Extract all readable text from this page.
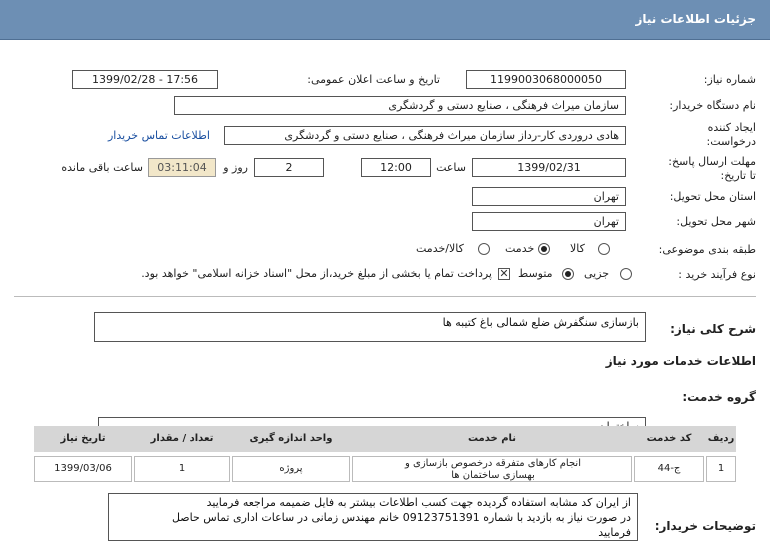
جزئیات اطلاعات نیاز
شماره نیاز:
1199003068000050
تاریخ و ساعت اعلان عمومی:
1399/02/28 - 17:56
نام دستگاه خریدار:
سازمان میراث فرهنگی ، صنایع دستی و گردشگری
ایجاد کننده
درخواست:
هادی دروردی کار-رداز سازمان میراث فرهنگی ، صنایع دستی و گردشگری
اطلاعات تماس خریدار
مهلت ارسال پاسخ:
تا تاریخ:
1399/02/31
ساعت
12:00
2
روز و
03:11:04
ساعت باقی مانده
استان محل تحویل:
تهران
شهر محل تحویل:
تهران
طبقه بندی موضوعی:
کالا
خدمت
کالا/خدمت
نوع فرآیند خرید :
جزیی
متوسط
✕
پرداخت تمام یا بخشی از مبلغ خرید،از محل "اسناد خزانه اسلامی" خواهد بود.
شرح کلی نیاز:
بازسازی سنگفرش ضلع شمالی باغ کتیبه ها
اطلاعات خدمات مورد نیاز
گروه خدمت:
ردیف
کد خدمت
نام خدمت
واحد اندازه گیری
تعداد / مقدار
تاریخ نیاز
1
ج-44
انجام کارهای متفرقه درخصوص بازسازی و بهسازی ساختمان ها
پروژه
1
1399/03/06
توضیحات خریدار:
از ایران کد مشابه استفاده گردیده جهت کسب اطلاعات بیشتر به فایل ضمیمه مراجعه فرمایید
در صورت نیاز به بازدید با شماره 09123751391 خانم مهندس زمانی در ساعات اداری تماس حاصل
فرمایید
